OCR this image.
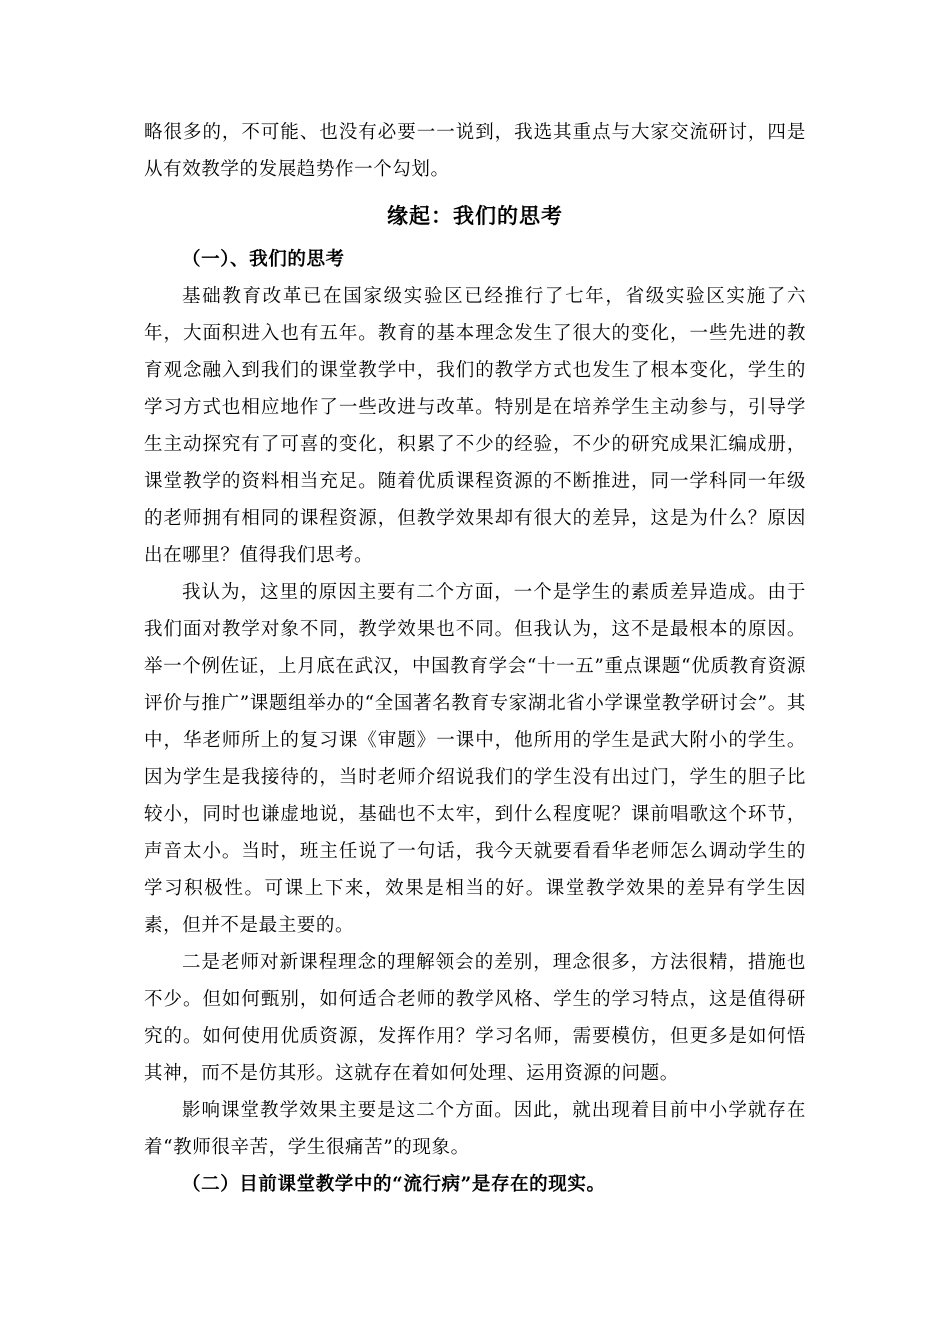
略很多的，不可能、也没有必要一一说到，我选其重点与大家交流研讨，四是从有效教学的发展趋势作一个勾划。

缘起：我们的思考

（一）、我们的思考

基础教育改革已在国家级实验区已经推行了七年，省级实验区实施了六年，大面积进入也有五年。教育的基本理念发生了很大的变化，一些先进的教育观念融入到我们的课堂教学中，我们的教学方式也发生了根本变化，学生的学习方式也相应地作了一些改进与改革。特别是在培养学生主动参与，引导学生主动探究有了可喜的变化，积累了不少的经验，不少的研究成果汇编成册，课堂教学的资料相当充足。随着优质课程资源的不断推进，同一学科同一年级的老师拥有相同的课程资源，但教学效果却有很大的差异，这是为什么？原因出在哪里？值得我们思考。

我认为，这里的原因主要有二个方面，一个是学生的素质差异造成。由于我们面对教学对象不同，教学效果也不同。但我认为，这不是最根本的原因。举一个例佐证，上月底在武汉，中国教育学会“十一五”重点课题“优质教育资源评价与推广”课题组举办的“全国著名教育专家湖北省小学课堂教学研讨会”。其中，华老师所上的复习课《审题》一课中，他所用的学生是武大附小的学生。因为学生是我接待的，当时老师介绍说我们的学生没有出过门，学生的胆子比较小，同时也谦虚地说，基础也不太牢，到什么程度呢？课前唱歌这个环节，声音太小。当时，班主任说了一句话，我今天就要看看华老师怎么调动学生的学习积极性。可课上下来，效果是相当的好。课堂教学效果的差异有学生因素，但并不是最主要的。

二是老师对新课程理念的理解领会的差别，理念很多，方法很精，措施也不少。但如何甄别，如何适合老师的教学风格、学生的学习特点，这是值得研究的。如何使用优质资源，发挥作用？学习名师，需要模仿，但更多是如何悟其神，而不是仿其形。这就存在着如何处理、运用资源的问题。

影响课堂教学效果主要是这二个方面。因此，就出现着目前中小学就存在着“教师很辛苦，学生很痛苦”的现象。

（二）目前课堂教学中的“流行病”是存在的现实。
